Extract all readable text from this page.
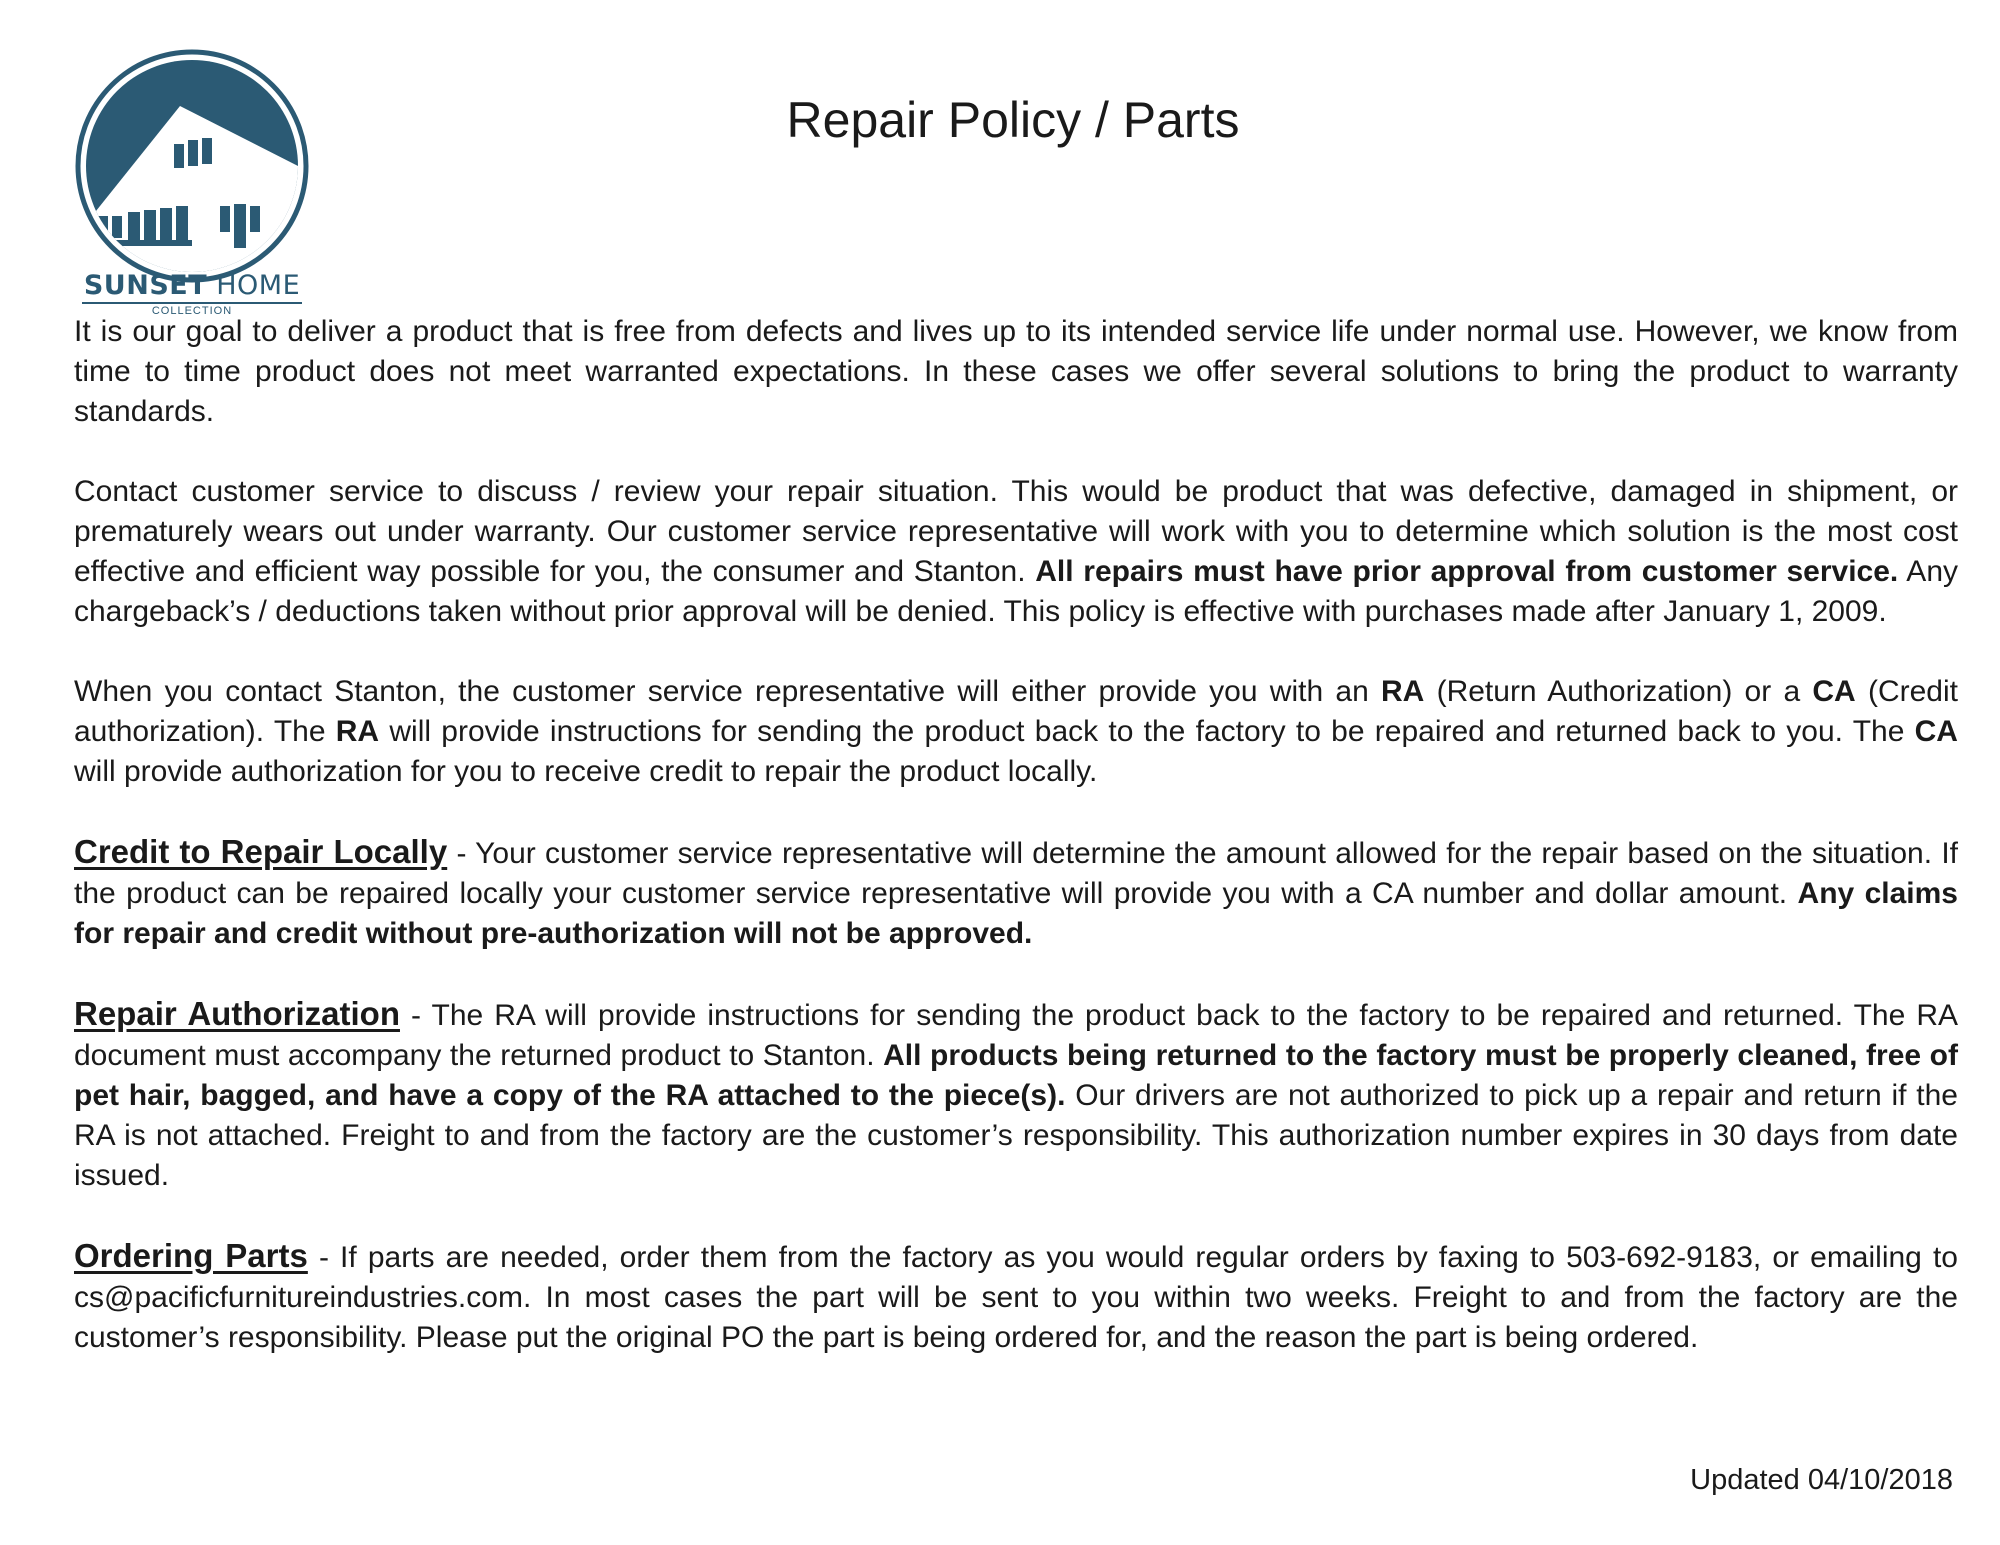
SUNSET HOME
COLLECTION
Repair Policy / Parts

It is our goal to deliver a product that is free from defects and lives up to its intended service life under normal use. However, we know from time to time product does not meet warranted expectations. In these cases we offer several solutions to bring the product to warranty standards.

Contact customer service to discuss / review your repair situation. This would be product that was defective, damaged in shipment, or prematurely wears out under warranty. Our customer service representative will work with you to determine which solution is the most cost effective and efficient way possible for you, the consumer and Stanton. All repairs must have prior approval from customer service. Any chargeback’s / deductions taken without prior approval will be denied. This policy is effective with purchases made after January 1, 2009.

When you contact Stanton, the customer service representative will either provide you with an RA (Return Authorization) or a CA (Credit authorization). The RA will provide instructions for sending the product back to the factory to be repaired and returned back to you. The CA will provide authorization for you to receive credit to repair the product locally.

Credit to Repair Locally - Your customer service representative will determine the amount allowed for the repair based on the situation. If the product can be repaired locally your customer service representative will provide you with a CA number and dollar amount. Any claims for repair and credit without pre-authorization will not be approved.

Repair Authorization - The RA will provide instructions for sending the product back to the factory to be repaired and returned. The RA document must accompany the returned product to Stanton. All products being returned to the factory must be properly cleaned, free of pet hair, bagged, and have a copy of the RA attached to the piece(s). Our drivers are not authorized to pick up a repair and return if the RA is not attached. Freight to and from the factory are the customer’s responsibility. This authorization number expires in 30 days from date issued.

Ordering Parts - If parts are needed, order them from the factory as you would regular orders by faxing to 503-692-9183, or emailing to cs@pacificfurnitureindustries.com. In most cases the part will be sent to you within two weeks. Freight to and from the factory are the customer’s responsibility. Please put the original PO the part is being ordered for, and the reason the part is being ordered.

Updated 04/10/2018
